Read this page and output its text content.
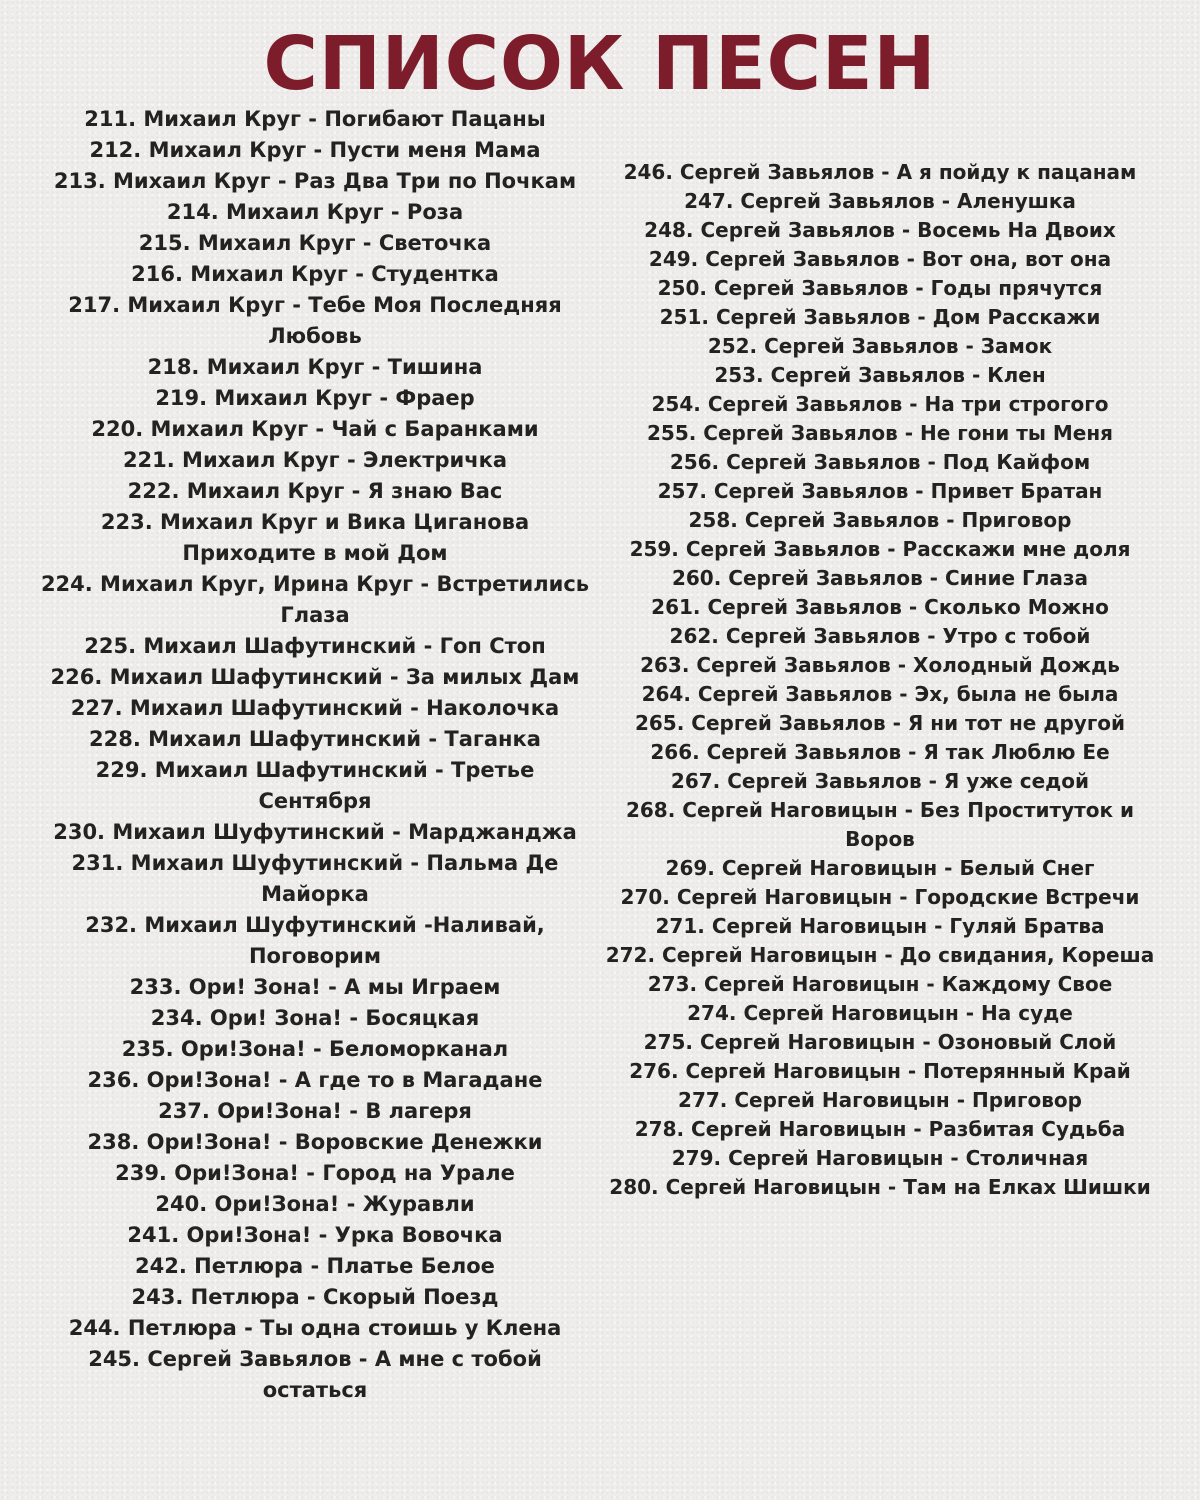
СПИСОК ПЕСЕН
211. Михаил Круг - Погибают Пацаны
212. Михаил Круг - Пусти меня Мама
213. Михаил Круг - Раз Два Три по Почкам
214. Михаил Круг - Роза
215. Михаил Круг - Светочка
216. Михаил Круг - Студентка
217. Михаил Круг - Тебе Моя Последняя Любовь
218. Михаил Круг - Тишина
219. Михаил Круг - Фраер
220. Михаил Круг - Чай с Баранками
221. Михаил Круг - Электричка
222. Михаил Круг - Я знаю Вас
223. Михаил Круг и Вика Циганова Приходите в мой Дом
224. Михаил Круг, Ирина Круг - Встретились Глаза
225. Михаил Шафутинский - Гоп Стоп
226. Михаил Шафутинский - За милых Дам
227. Михаил Шафутинский - Наколочка
228. Михаил Шафутинский - Таганка
229. Михаил Шафутинский - Третье Сентября
230. Михаил Шуфутинский - Марджанджа
231. Михаил Шуфутинский - Пальма Де Майорка
232. Михаил Шуфутинский -Наливай, Поговорим
233. Ори! Зона! - А мы Играем
234. Ори! Зона! - Босяцкая
235. Ори!Зона! - Беломорканал
236. Ори!Зона! - А где то в Магадане
237. Ори!Зона! - В лагеря
238. Ори!Зона! - Воровские Денежки
239. Ори!Зона! - Город на Урале
240. Ори!Зона! - Журавли
241. Ори!Зона! - Урка Вовочка
242. Петлюра - Платье Белое
243. Петлюра - Скорый Поезд
244. Петлюра - Ты одна стоишь у Клена
245. Сергей Завьялов - А мне с тобой остаться
246. Сергей Завьялов - А я пойду к пацанам
247. Сергей Завьялов - Аленушка
248. Сергей Завьялов - Восемь На Двоих
249. Сергей Завьялов - Вот она, вот она
250. Сергей Завьялов - Годы прячутся
251. Сергей Завьялов - Дом Расскажи
252. Сергей Завьялов - Замок
253. Сергей Завьялов - Клен
254. Сергей Завьялов - На три строгого
255. Сергей Завьялов - Не гони ты Меня
256. Сергей Завьялов - Под Кайфом
257. Сергей Завьялов - Привет Братан
258. Сергей Завьялов - Приговор
259. Сергей Завьялов - Расскажи мне доля
260. Сергей Завьялов - Синие Глаза
261. Сергей Завьялов - Сколько Можно
262. Сергей Завьялов - Утро с тобой
263. Сергей Завьялов - Холодный Дождь
264. Сергей Завьялов - Эх, была не была
265. Сергей Завьялов - Я ни тот не другой
266. Сергей Завьялов - Я так Люблю Ее
267. Сергей Завьялов - Я уже седой
268. Сергей Наговицын - Без Проституток и Воров
269. Сергей Наговицын - Белый Снег
270. Сергей Наговицын - Городские Встречи
271. Сергей Наговицын - Гуляй Братва
272. Сергей Наговицын - До свидания, Кореша
273. Сергей Наговицын - Каждому Свое
274. Сергей Наговицын - На суде
275. Сергей Наговицын - Озоновый Слой
276. Сергей Наговицын - Потерянный Край
277. Сергей Наговицын - Приговор
278. Сергей Наговицын - Разбитая Судьба
279. Сергей Наговицын - Столичная
280. Сергей Наговицын - Там на Елках Шишки
